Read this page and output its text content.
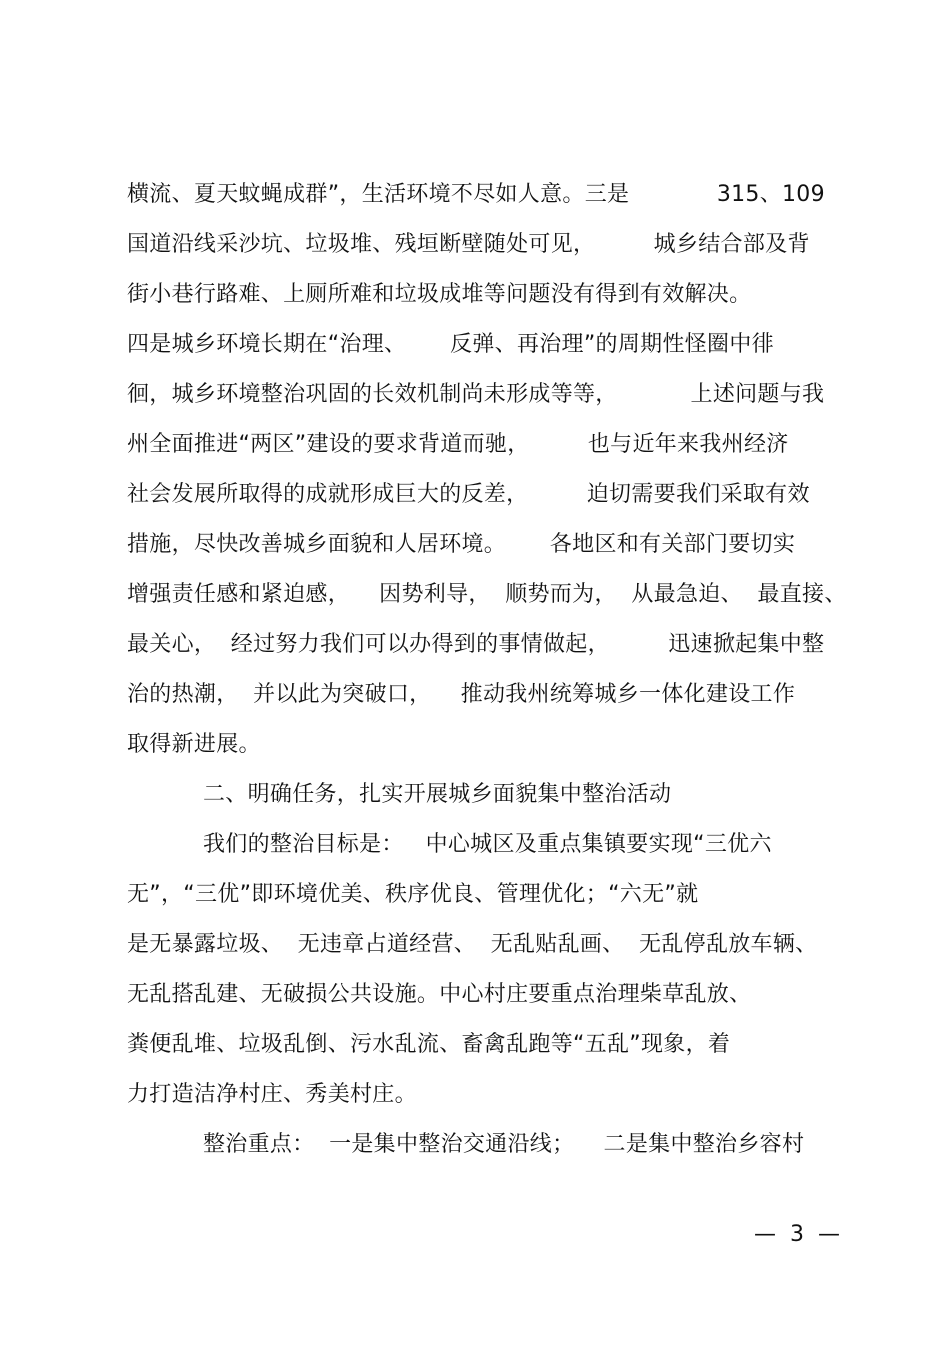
横流、夏天蚊蝇成群”，生活环境不尽如人意。三是            315、109
国道沿线采沙坑、垃圾堆、残垣断壁随处可见，        城乡结合部及背
街小巷行路难、上厕所难和垃圾成堆等问题没有得到有效解决。
四是城乡环境长期在“治理、      反弹、再治理”的周期性怪圈中徘
徊，城乡环境整治巩固的长效机制尚未形成等等，          上述问题与我
州全面推进“两区”建设的要求背道而驰，        也与近年来我州经济
社会发展所取得的成就形成巨大的反差，        迫切需要我们采取有效
措施，尽快改善城乡面貌和人居环境。      各地区和有关部门要切实
增强责任感和紧迫感，    因势利导，  顺势而为，  从最急迫、  最直接、
最关心，  经过努力我们可以办得到的事情做起，        迅速掀起集中整
治的热潮，  并以此为突破口，    推动我州统筹城乡一体化建设工作
取得新进展。
二、明确任务，扎实开展城乡面貌集中整治活动
我们的整治目标是：   中心城区及重点集镇要实现“三优六
无”，“三优”即环境优美、秩序优良、管理优化；“六无”就
是无暴露垃圾、  无违章占道经营、  无乱贴乱画、  无乱停乱放车辆、
无乱搭乱建、无破损公共设施。中心村庄要重点治理柴草乱放、
粪便乱堆、垃圾乱倒、污水乱流、畜禽乱跑等“五乱”现象，着
力打造洁净村庄、秀美村庄。
整治重点：  一是集中整治交通沿线；    二是集中整治乡容村
—  3  —
